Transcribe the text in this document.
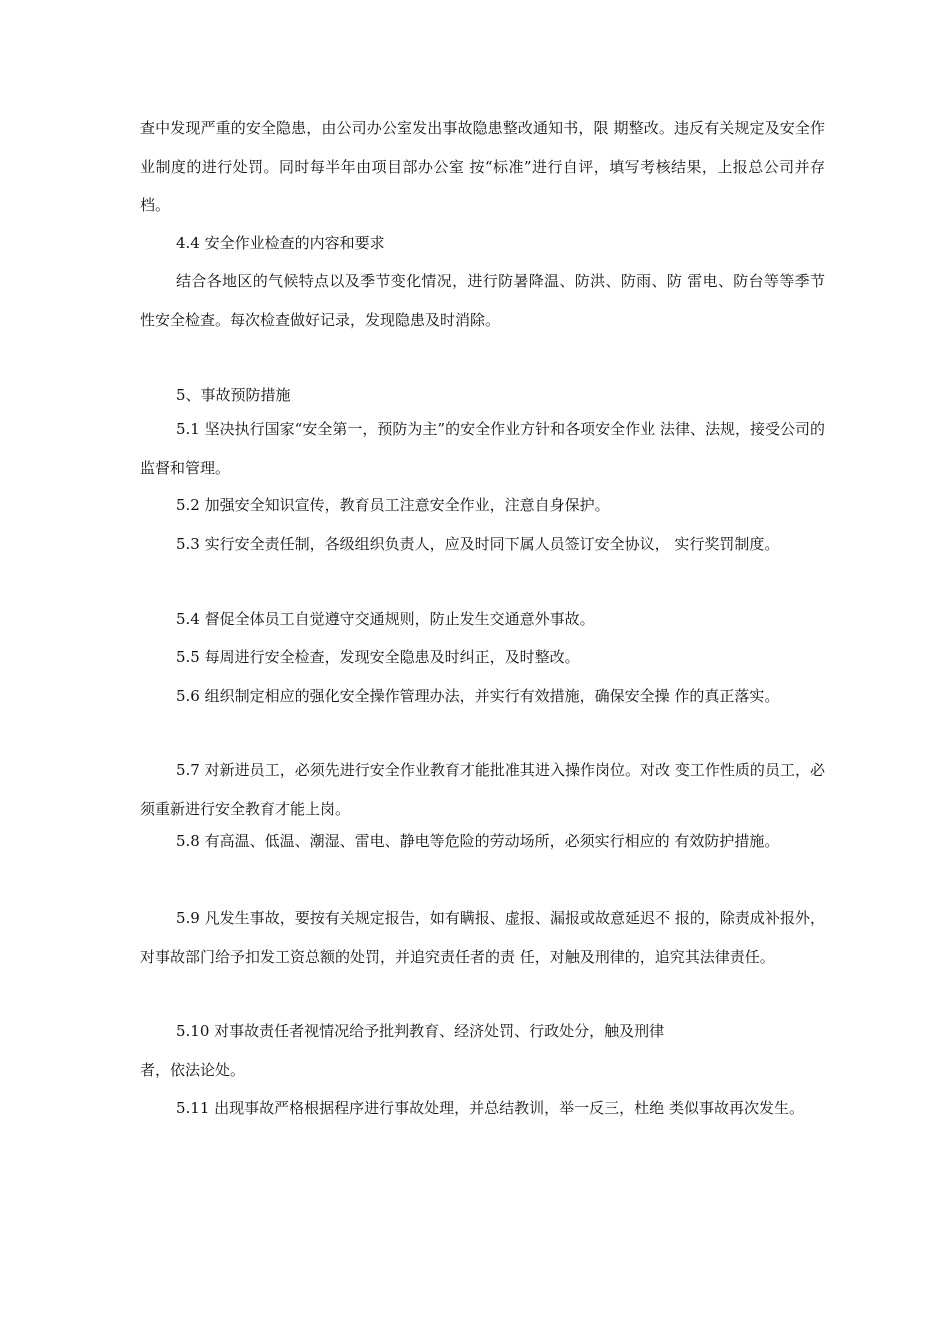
查中发现严重的安全隐患，由公司办公室发出事故隐患整改通知书，限 期整改。违反有关规定及安全作业制度的进行处罚。同时每半年由项目部办公室 按“标准”进行自评，填写考核结果，上报总公司并存档。

4.4 安全作业检查的内容和要求

结合各地区的气候特点以及季节变化情况，进行防暑降温、防洪、防雨、防 雷电、防台等等季节性安全检查。每次检查做好记录，发现隐患及时消除。

5、事故预防措施

5.1 坚决执行国家“安全第一，预防为主”的安全作业方针和各项安全作业 法律、法规，接受公司的监督和管理。

5.2 加强安全知识宣传，教育员工注意安全作业，注意自身保护。

5.3 实行安全责任制，各级组织负责人，应及时同下属人员签订安全协议， 实行奖罚制度。

5.4 督促全体员工自觉遵守交通规则，防止发生交通意外事故。

5.5 每周进行安全检查，发现安全隐患及时纠正，及时整改。

5.6 组织制定相应的强化安全操作管理办法，并实行有效措施，确保安全操 作的真正落实。

5.7 对新进员工，必须先进行安全作业教育才能批准其进入操作岗位。对改 变工作性质的员工，必须重新进行安全教育才能上岗。

5.8 有高温、低温、潮湿、雷电、静电等危险的劳动场所，必须实行相应的 有效防护措施。

5.9 凡发生事故，要按有关规定报告，如有瞒报、虚报、漏报或故意延迟不 报的，除责成补报外，对事故部门给予扣发工资总额的处罚，并追究责任者的责 任，对触及刑律的，追究其法律责任。

5.10 对事故责任者视情况给予批判教育、经济处罚、行政处分，触及刑律

者，依法论处。

5.11 出现事故严格根据程序进行事故处理，并总结教训，举一反三，杜绝 类似事故再次发生。
